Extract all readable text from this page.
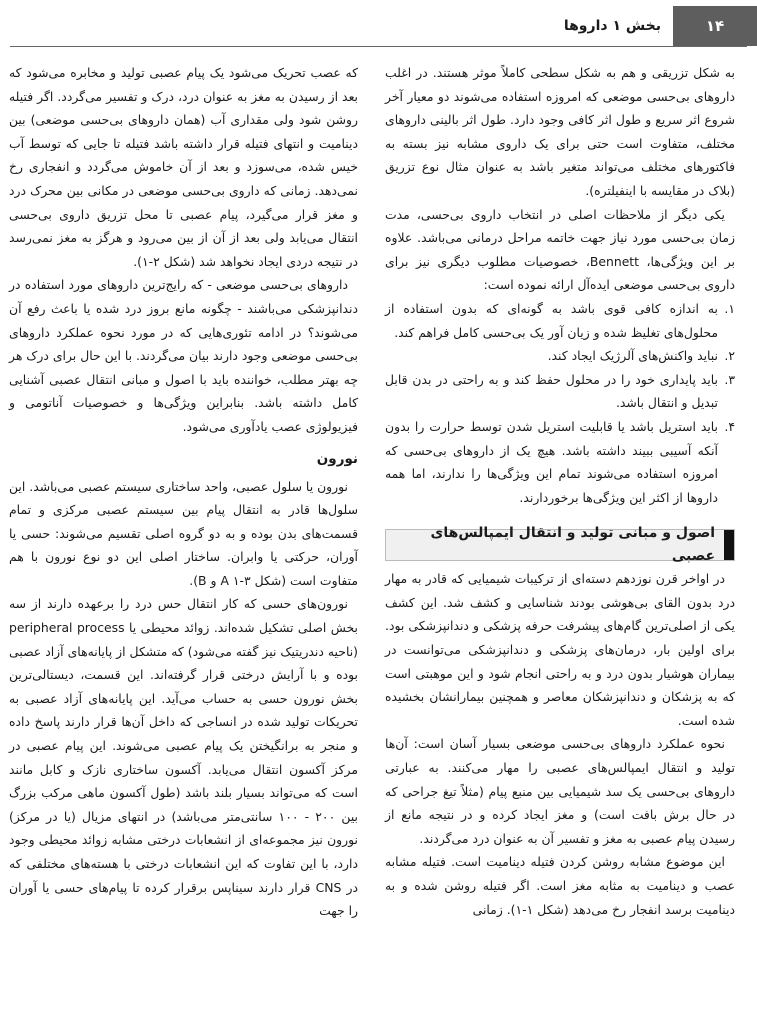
۱۴
بخش ۱ داروها

به شکل تزریقی و هم به شکل سطحی کاملاً موثر هستند. در اغلب داروهای بی‌حسی موضعی که امروزه استفاده می‌شوند دو معیار آخر شروع اثر سریع و طول اثر کافی وجود دارد. طول اثر بالینی داروهای مختلف، متفاوت است حتی برای یک داروی مشابه نیز بسته به فاکتورهای مختلف می‌تواند متغیر باشد به عنوان مثال نوع تزریق (بلاک در مقایسه با اینفیلتره).

یکی دیگر از ملاحظات اصلی در انتخاب داروی بی‌حسی، مدت زمان بی‌حسی مورد نیاز جهت خاتمه مراحل درمانی می‌باشد. علاوه بر این ویژگی‌ها، Bennett، خصوصیات مطلوب دیگری نیز برای داروی بی‌حسی موضعی ایده‌آل ارائه نموده است:

۱.
به اندازه کافی قوی باشد به گونه‌ای که بدون استفاده از محلول‌های تغلیظ شده و زیان آور یک بی‌حسی کامل فراهم کند.
۲.
نباید واکنش‌های آلرژیک ایجاد کند.
۳.
باید پایداری خود را در محلول حفظ کند و به راحتی در بدن قابل تبدیل و انتقال باشد.
۴.
باید استریل باشد یا قابلیت استریل شدن توسط حرارت را بدون آنکه آسیبی ببیند داشته باشد. هیچ یک از داروهای بی‌حسی که امروزه استفاده می‌شوند تمام این ویژگی‌ها را ندارند، اما همه داروها از اکثر این ویژگی‌ها برخوردارند.
اصول و مبانی تولید و انتقال ایمپالس‌های عصبی

در اواخر قرن نوزدهم دسته‌ای از ترکیبات شیمیایی که قادر به مهار درد بدون القای بی‌هوشی بودند شناسایی و کشف شد. این کشف یکی از اصلی‌ترین گام‌های پیشرفت حرفه پزشکی و دندانپزشکی بود. برای اولین بار، درمان‌های پزشکی و دندانپزشکی می‌توانست در بیماران هوشیار بدون درد و به راحتی انجام شود و این موهبتی است که به پزشکان و دندانپزشکان معاصر و همچنین بیمارانشان بخشیده شده است.

نحوه عملکرد داروهای بی‌حسی موضعی بسیار آسان است: آن‌ها تولید و انتقال ایمپالس‌های عصبی را مهار می‌کنند. به عبارتی داروهای بی‌حسی یک سد شیمیایی بین منبع پیام (مثلاً تیغ جراحی که در حال برش بافت است) و مغز ایجاد کرده و در نتیجه مانع از رسیدن پیام عصبی به مغز و تفسیر آن به عنوان درد می‌گردند.

این موضوع مشابه روشن کردن فتیله دینامیت است. فتیله مشابه عصب و دینامیت به مثابه مغز است. اگر فتیله روشن شده و به دینامیت برسد انفجار رخ می‌دهد (شکل ۱-۱). زمانی

که عصب تحریک می‌شود یک پیام عصبی تولید و مخابره می‌شود که بعد از رسیدن به مغز به عنوان درد، درک و تفسیر می‌گردد. اگر فتیله روشن شود ولی مقداری آب (همان داروهای بی‌حسی موضعی) بین دینامیت و انتهای فتیله قرار داشته باشد فتیله تا جایی که توسط آب خیس شده، می‌سوزد و بعد از آن خاموش می‌گردد و انفجاری رخ نمی‌دهد. زمانی که داروی بی‌حسی موضعی در مکانی بین محرک درد و مغز قرار می‌گیرد، پیام عصبی تا محل تزریق داروی بی‌حسی انتقال می‌یابد ولی بعد از آن از بین می‌رود و هرگز به مغز نمی‌رسد در نتیجه دردی ایجاد نخواهد شد (شکل ۲-۱).

داروهای بی‌حسی موضعی - که رایج‌ترین داروهای مورد استفاده در دندانپزشکی می‌باشند - چگونه مانع بروز درد شده یا باعث رفع آن می‌شوند؟ در ادامه تئوری‌هایی که در مورد نحوه عملکرد داروهای بی‌حسی موضعی وجود دارند بیان می‌گردند. با این حال برای درک هر چه بهتر مطلب، خواننده باید با اصول و مبانی انتقال عصبی آشنایی کامل داشته باشد. بنابراین ویژگی‌ها و خصوصیات آناتومی و فیزیولوژی عصب یادآوری می‌شود.

نورون

نورون یا سلول عصبی، واحد ساختاری سیستم عصبی می‌باشد. این سلول‌ها قادر به انتقال پیام بین سیستم عصبی مرکزی و تمام قسمت‌های بدن بوده و به دو گروه اصلی تقسیم می‌شوند: حسی یا آوران، حرکتی یا وابران. ساختار اصلی این دو نوع نورون با هم متفاوت است (شکل ۳-۱ A و B).

نورون‌های حسی که کار انتقال حس درد را برعهده دارند از سه بخش اصلی تشکیل شده‌اند. زوائد محیطی یا peripheral process (ناحیه دندریتیک نیز گفته می‌شود) که متشکل از پایانه‌های آزاد عصبی بوده و با آرایش درختی قرار گرفته‌اند. این قسمت، دیستالی‌ترین بخش نورون حسی به حساب می‌آید. این پایانه‌های آزاد عصبی به تحریکات تولید شده در انساجی که داخل آن‌ها قرار دارند پاسخ داده و منجر به برانگیختن یک پیام عصبی می‌شوند. این پیام عصبی در مرکز آکسون انتقال می‌یابد. آکسون ساختاری نازک و کابل مانند است که می‌تواند بسیار بلند باشد (طول آکسون ماهی مرکب بزرگ بین ۲۰۰ - ۱۰۰ سانتی‌متر می‌باشد) در انتهای مزیال (یا در مرکز) نورون نیز مجموعه‌ای از انشعابات درختی مشابه زوائد محیطی وجود دارد، با این تفاوت که این انشعابات درختی با هسته‌های مختلفی که در CNS قرار دارند سیناپس برقرار کرده تا پیام‌های حسی یا آوران را جهت
